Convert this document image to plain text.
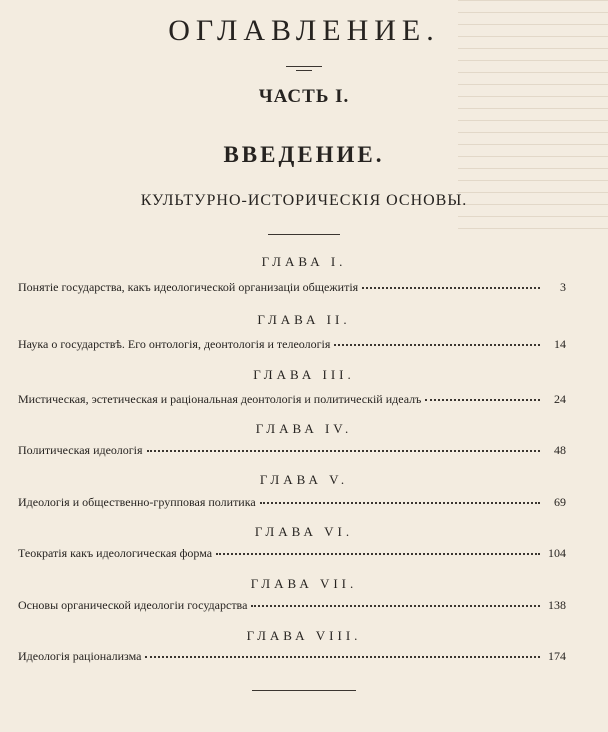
ОГЛАВЛЕНИЕ.
ЧАСТЬ I.
ВВЕДЕНИЕ.
КУЛЬТУРНО-ИСТОРИЧЕСКІЯ ОСНОВЫ.
ГЛАВА I.
Понятіе государства, какъ идеологической организаціи общежитія	3
ГЛАВА II.
Наука о государствѣ. Его онтологія, деонтологія и телеологія	14
ГЛАВА III.
Мистическая, эстетическая и раціональная деонтологія и политическій идеалъ	24
ГЛАВА IV.
Политическая идеологія	48
ГЛАВА V.
Идеологія и общественно-групповая политика	69
ГЛАВА VI.
Теократія какъ идеологическая форма	104
ГЛАВА VII.
Основы органической идеологіи государства	138
ГЛАВА VIII.
Идеологія раціонализма	174
